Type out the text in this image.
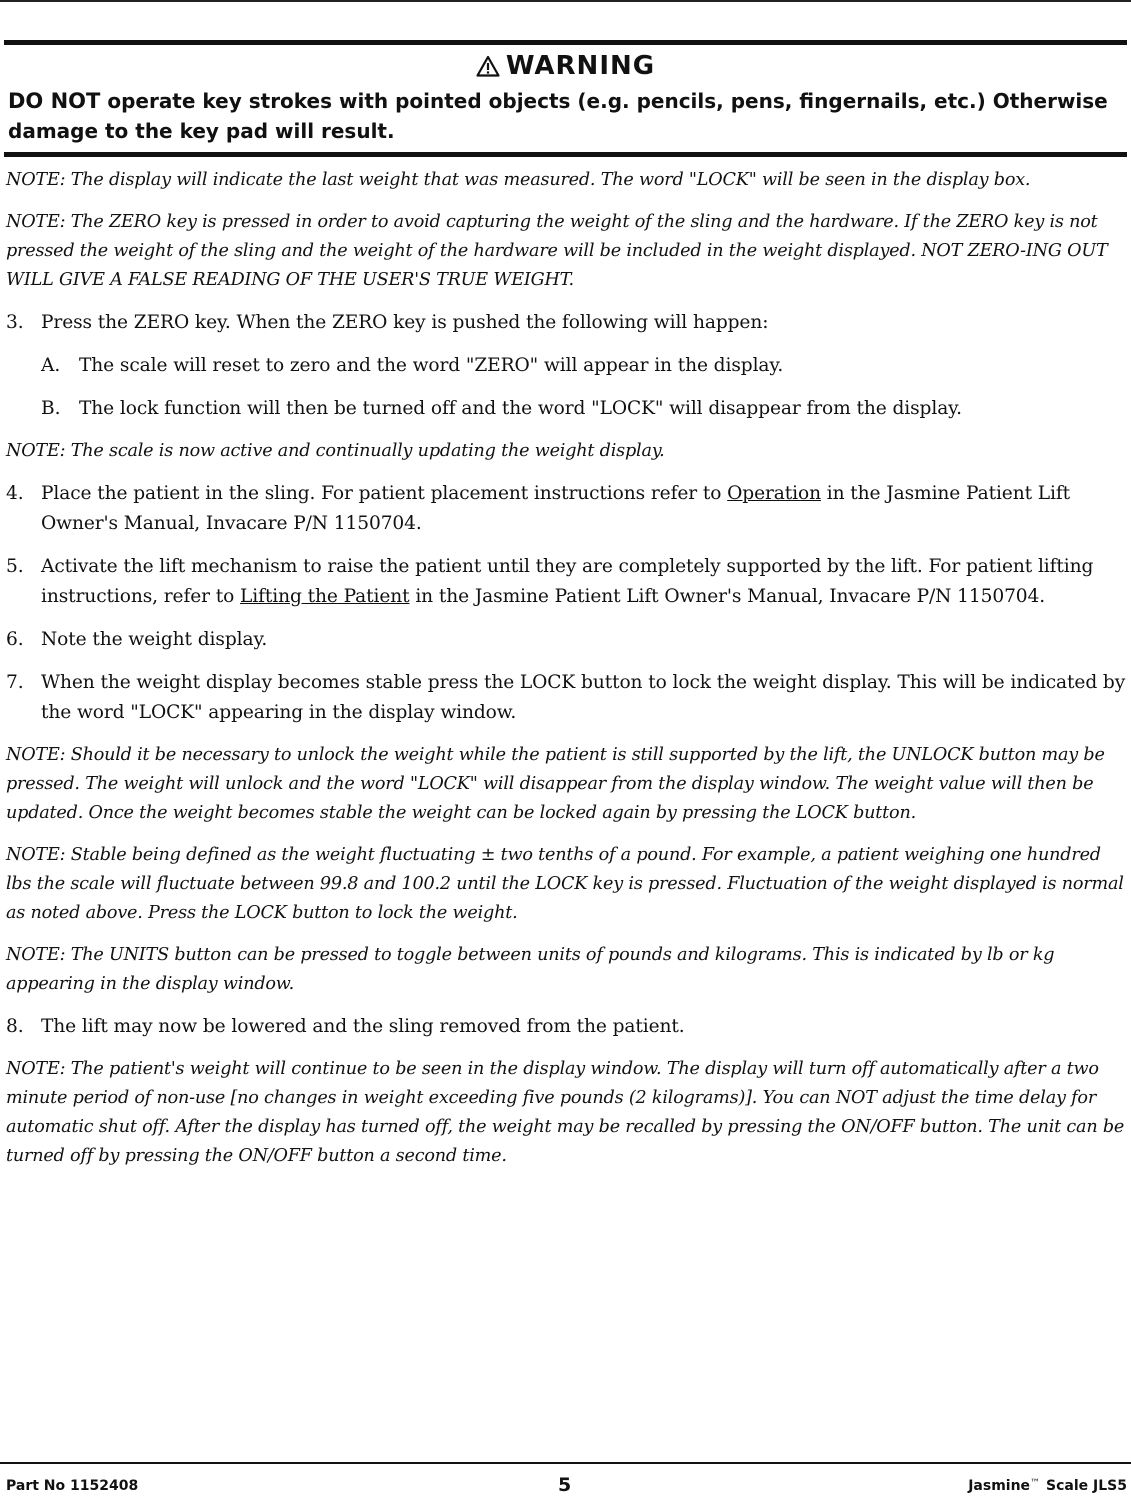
WARNING
DO NOT operate key strokes with pointed objects (e.g. pencils, pens, fingernails, etc.) Otherwise damage to the key pad will result.

NOTE: The display will indicate the last weight that was measured. The word "LOCK" will be seen in the display box.

NOTE: The ZERO key is pressed in order to avoid capturing the weight of the sling and the hardware. If the ZERO key is not pressed the weight of the sling and the weight of the hardware will be included in the weight displayed. NOT ZERO-ING OUT WILL GIVE A FALSE READING OF THE USER'S TRUE WEIGHT.

3. Press the ZERO key. When the ZERO key is pushed the following will happen:
A. The scale will reset to zero and the word "ZERO" will appear in the display.
B. The lock function will then be turned off and the word "LOCK" will disappear from the display.

NOTE: The scale is now active and continually updating the weight display.

4. Place the patient in the sling. For patient placement instructions refer to Operation in the Jasmine Patient Lift Owner's Manual, Invacare P/N 1150704.
5. Activate the lift mechanism to raise the patient until they are completely supported by the lift. For patient lifting instructions, refer to Lifting the Patient in the Jasmine Patient Lift Owner's Manual, Invacare P/N 1150704.
6. Note the weight display.
7. When the weight display becomes stable press the LOCK button to lock the weight display. This will be indicated by the word "LOCK" appearing in the display window.

NOTE: Should it be necessary to unlock the weight while the patient is still supported by the lift, the UNLOCK button may be pressed. The weight will unlock and the word "LOCK" will disappear from the display window. The weight value will then be updated. Once the weight becomes stable the weight can be locked again by pressing the LOCK button.

NOTE: Stable being defined as the weight fluctuating ± two tenths of a pound. For example, a patient weighing one hundred lbs the scale will fluctuate between 99.8 and 100.2 until the LOCK key is pressed. Fluctuation of the weight displayed is normal as noted above. Press the LOCK button to lock the weight.

NOTE: The UNITS button can be pressed to toggle between units of pounds and kilograms. This is indicated by lb or kg appearing in the display window.

8. The lift may now be lowered and the sling removed from the patient.

NOTE: The patient's weight will continue to be seen in the display window. The display will turn off automatically after a two minute period of non-use [no changes in weight exceeding five pounds (2 kilograms)]. You can NOT adjust the time delay for automatic shut off. After the display has turned off, the weight may be recalled by pressing the ON/OFF button. The unit can be turned off by pressing the ON/OFF button a second time.

Part No 1152408	5	Jasmine™ Scale JLS5
